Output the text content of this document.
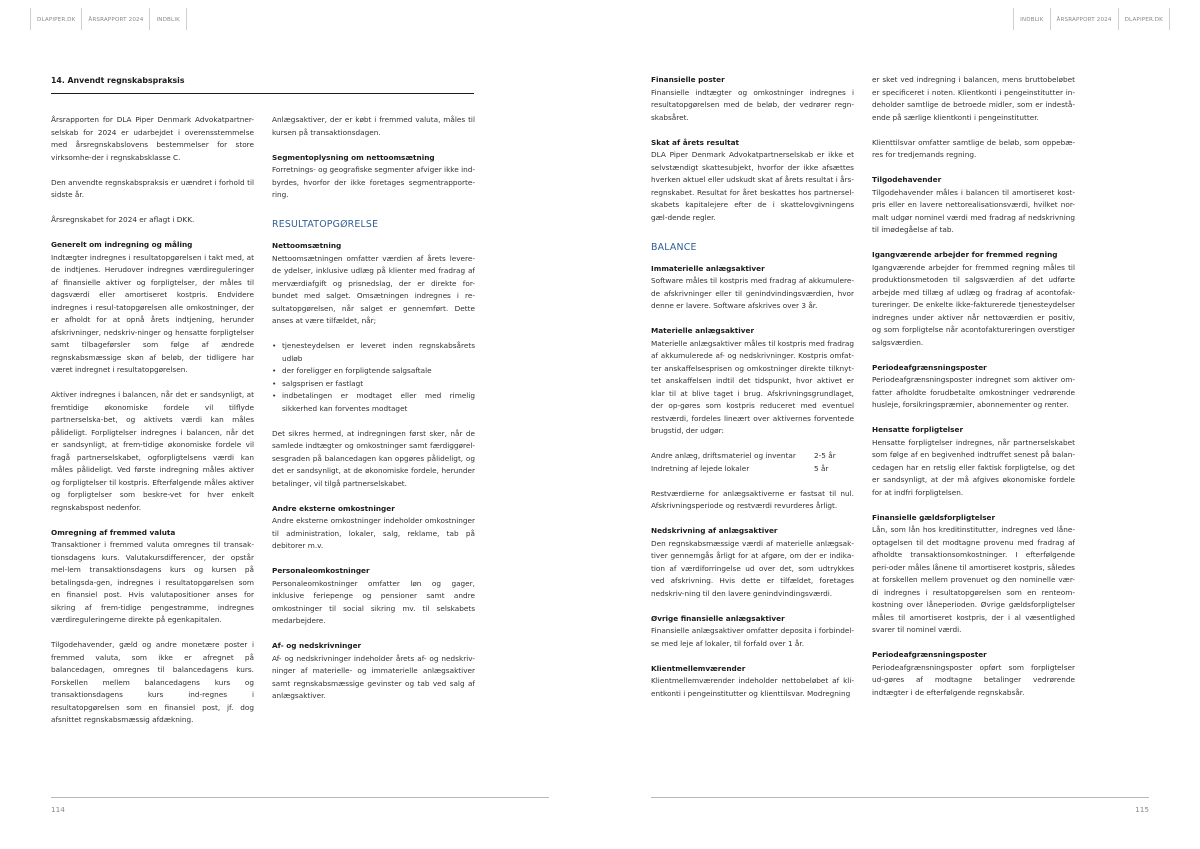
DLAPIPER.DK	ÅRSRAPPORT 2024	INDBLIK	INDBLIK	ÅRSRAPPORT 2024	DLAPIPER.DK
14. Anvendt regnskabspraksis

Årsrapporten for DLA Piper Denmark Advokatpartner-selskab for 2024 er udarbejdet i overensstemmelse med årsregnskabslovens bestemmelser for store virksomhe-der i regnskabsklasse C.

Den anvendte regnskabspraksis er uændret i forhold til sidste år.

Årsregnskabet for 2024 er aflagt i DKK.

Generelt om indregning og måling

Indtægter indregnes i resultatopgørelsen i takt med, at de indtjenes. Herudover indregnes værdireguleringer af finansielle aktiver og forpligtelser, der måles til dagsværdi eller amortiseret kostpris. Endvidere indregnes i resul-tatopgørelsen alle omkostninger, der er afholdt for at opnå årets indtjening, herunder afskrivninger, nedskriv-ninger og hensatte forpligtelser samt tilbageførsler som følge af ændrede regnskabsmæssige skøn af beløb, der tidligere har været indregnet i resultatopgørelsen.

Aktiver indregnes i balancen, når det er sandsynligt, at fremtidige økonomiske fordele vil tilflyde partnerselska-bet, og aktivets værdi kan måles pålideligt. Forpligtelser indregnes i balancen, når det er sandsynligt, at frem-tidige økonomiske fordele vil fragå partnerselskabet, ogforpligtelsens værdi kan måles pålideligt. Ved første indregning måles aktiver og forpligtelser til kostpris. Efterfølgende måles aktiver og forpligtelser som beskre-vet for hver enkelt regnskabspost nedenfor.

Omregning af fremmed valuta

Transaktioner i fremmed valuta omregnes til transak-tionsdagens kurs. Valutakursdifferencer, der opstår mel-lem transaktionsdagens kurs og kursen på betalingsda-gen, indregnes i resultatopgørelsen som en finansiel post. Hvis valutapositioner anses for sikring af frem-tidige pengestrømme, indregnes værdireguleringerne direkte på egenkapitalen.

Tilgodehavender, gæld og andre monetære poster i fremmed valuta, som ikke er afregnet på balancedagen, omregnes til balancedagens kurs. Forskellen mellem balancedagens kurs og transaktionsdagens kurs ind-regnes i resultatopgørelsen som en finansiel post, jf. dog afsnittet regnskabsmæssig afdækning.

Anlægsaktiver, der er købt i fremmed valuta, måles til kursen på transaktionsdagen.

Segmentoplysning om nettoomsætning

Forretnings- og geografiske segmenter afviger ikke ind-byrdes, hvorfor der ikke foretages segmentrapporte-ring.

RESULTATOPGØRELSE

Nettoomsætning

Nettoomsætningen omfatter værdien af årets levere-de ydelser, inklusive udlæg på klienter med fradrag af merværdiafgift og prisnedslag, der er direkte for-bundet med salget. Omsætningen indregnes i re-sultatopgørelsen, når salget er gennemført. Dette anses at være tilfældet, når;

• tjenesteydelsen er leveret inden regnskabsårets udløb
• der foreligger en forpligtende salgsaftale
• salgsprisen er fastlagt
• indbetalingen er modtaget eller med rimelig sikkerhed kan forventes modtaget

Det sikres hermed, at indregningen først sker, når de samlede indtægter og omkostninger samt færdiggørel-sesgraden på balancedagen kan opgøres pålideligt, og det er sandsynligt, at de økonomiske fordele, herunder betalinger, vil tilgå partnerselskabet.

Andre eksterne omkostninger

Andre eksterne omkostninger indeholder omkostninger til administration, lokaler, salg, reklame, tab på debitorer m.v.

Personaleomkostninger

Personaleomkostninger omfatter løn og gager, inklusive feriepenge og pensioner samt andre omkostninger til social sikring mv. til selskabets medarbejdere.

Af- og nedskrivninger

Af- og nedskrivninger indeholder årets af- og nedskriv-ninger af materielle- og immaterielle anlægsaktiver samt regnskabsmæssige gevinster og tab ved salg af anlægsaktiver.

Finansielle poster

Finansielle indtægter og omkostninger indregnes i resultatopgørelsen med de beløb, der vedrører regn-skabsåret.

Skat af årets resultat

DLA Piper Denmark Advokatpartnerselskab er ikke et selvstændigt skattesubjekt, hvorfor der ikke afsættes hverken aktuel eller udskudt skat af årets resultat i års-regnskabet. Resultat for året beskattes hos partnersel-skabets kapitalejere efter de i skattelovgivningens gæl-dende regler.

BALANCE

Immaterielle anlægsaktiver

Software måles til kostpris med fradrag af akkumulere-de afskrivninger eller til genindvindingsværdien, hvor denne er lavere. Software afskrives over 3 år.

Materielle anlægsaktiver

Materielle anlægsaktiver måles til kostpris med fradrag af akkumulerede af- og nedskrivninger. Kostpris omfat-ter anskaffelsesprisen og omkostninger direkte tilknyt-tet anskaffelsen indtil det tidspunkt, hvor aktivet er klar til at blive taget i brug. Afskrivningsgrundlaget, der op-gøres som kostpris reduceret med eventuel restværdi, fordeles lineært over aktivernes forventede brugstid, der udgør:

Andre anlæg, driftsmateriel og inventar	2-5 år
Indretning af lejede lokaler	5 år

Restværdierne for anlægsaktiverne er fastsat til nul. Afskrivningsperiode og restværdi revurderes årligt.

Nedskrivning af anlægsaktiver

Den regnskabsmæssige værdi af materielle anlægsak-tiver gennemgås årligt for at afgøre, om der er indika-tion af værdiforringelse ud over det, som udtrykkes ved afskrivning. Hvis dette er tilfældet, foretages nedskriv-ning til den lavere genindvindingsværdi.

Øvrige finansielle anlægsaktiver

Finansielle anlægsaktiver omfatter deposita i forbindel-se med leje af lokaler, til forfald over 1 år.

Klientmellemværender

Klientmellemværender indeholder nettobeløbet af kli-entkonti i pengeinstitutter og klienttilsvar. Modregning

er sket ved indregning i balancen, mens bruttobeløbet er specificeret i noten. Klientkonti i pengeinstitutter in-deholder samtlige de betroede midler, som er indestå-ende på særlige klientkonti i pengeinstitutter.

Klienttilsvar omfatter samtlige de beløb, som oppebæ-res for tredjemands regning.

Tilgodehavender

Tilgodehavender måles i balancen til amortiseret kost-pris eller en lavere nettorealisationsværdi, hvilket nor-malt udgør nominel værdi med fradrag af nedskrivning til imødegåelse af tab.

Igangværende arbejder for fremmed regning

Igangværende arbejder for fremmed regning måles til produktionsmetoden til salgsværdien af det udførte arbejde med tillæg af udlæg og fradrag af acontofak-tureringer. De enkelte ikke-fakturerede tjenesteydelser indregnes under aktiver når nettoværdien er positiv, og som forpligtelse når acontofaktureringen overstiger salgsværdien.

Periodeafgrænsningsposter

Periodeafgrænsningsposter indregnet som aktiver om-fatter afholdte forudbetalte omkostninger vedrørende husleje, forsikringspræmier, abonnementer og renter.

Hensatte forpligtelser

Hensatte forpligtelser indregnes, når partnerselskabet som følge af en begivenhed indtruffet senest på balan-cedagen har en retslig eller faktisk forpligtelse, og det er sandsynligt, at der må afgives økonomiske fordele for at indfri forpligtelsen.

Finansielle gældsforpligtelser

Lån, som lån hos kreditinstitutter, indregnes ved låne-optagelsen til det modtagne provenu med fradrag af afholdte transaktionsomkostninger. I efterfølgende peri-oder måles lånene til amortiseret kostpris, således at forskellen mellem provenuet og den nominelle vær-di indregnes i resultatopgørelsen som en renteom-kostning over låneperioden. Øvrige gældsforpligtelser måles til amortiseret kostpris, der i al væsentlighed svarer til nominel værdi.

Periodeafgrænsningsposter

Periodeafgrænsningsposter opført som forpligtelser ud-gøres af modtagne betalinger vedrørende indtægter i de efterfølgende regnskabsår.

114	115
